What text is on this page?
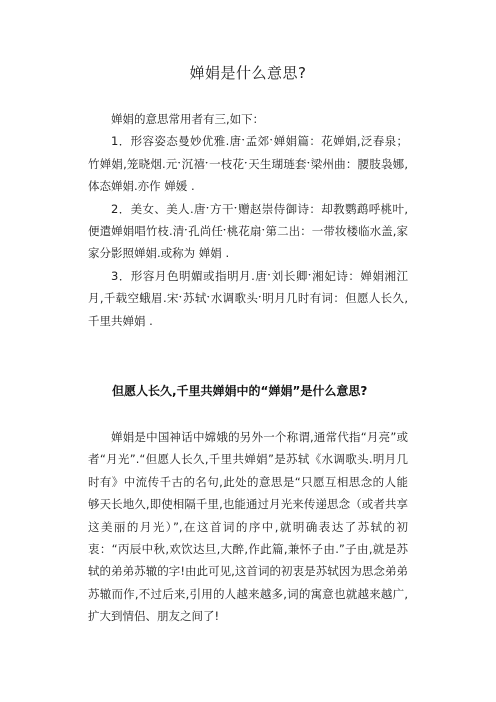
婵娟是什么意思?

婵娟的意思常用者有三,如下：

1．形容姿态曼妙优雅.唐ˑ孟郊ˑ婵娟篇：花婵娟,泛春泉；竹婵娟,笼晓烟.元ˑ沉禧ˑ一枝花ˑ天生瑚琏套ˑ梁州曲：腰肢袅娜,体态婵娟.亦作 婵媛 .

2．美女、美人.唐ˑ方干ˑ赠赵崇侍御诗：却教鹦鹉呼桃叶,便遣婵娟唱竹枝.清ˑ孔尚任ˑ桃花扇ˑ第二出：一带妆楼临水盖,家家分影照婵娟.或称为 婵娟 .

3．形容月色明媚或指明月.唐ˑ刘长卿ˑ湘妃诗：婵娟湘江月,千载空蛾眉.宋ˑ苏轼ˑ水调歌头ˑ明月几时有词：但愿人长久,千里共婵娟 .

但愿人长久,千里共婵娟中的“婵娟”是什么意思?

婵娟是中国神话中嫦娥的另外一个称谓,通常代指“月亮”或者“月光”.“但愿人长久,千里共婵娟”是苏轼《水调歌头.明月几时有》中流传千古的名句,此处的意思是“只愿互相思念的人能够天长地久,即使相隔千里,也能通过月光来传递思念（或者共享这美丽的月光）”,在这首词的序中,就明确表达了苏轼的初衷：“丙辰中秋,欢饮达旦,大醉,作此篇,兼怀子由.”子由,就是苏轼的弟弟苏辙的字!由此可见,这首词的初衷是苏轼因为思念弟弟苏辙而作,不过后来,引用的人越来越多,词的寓意也就越来越广,扩大到情侣、朋友之间了!
